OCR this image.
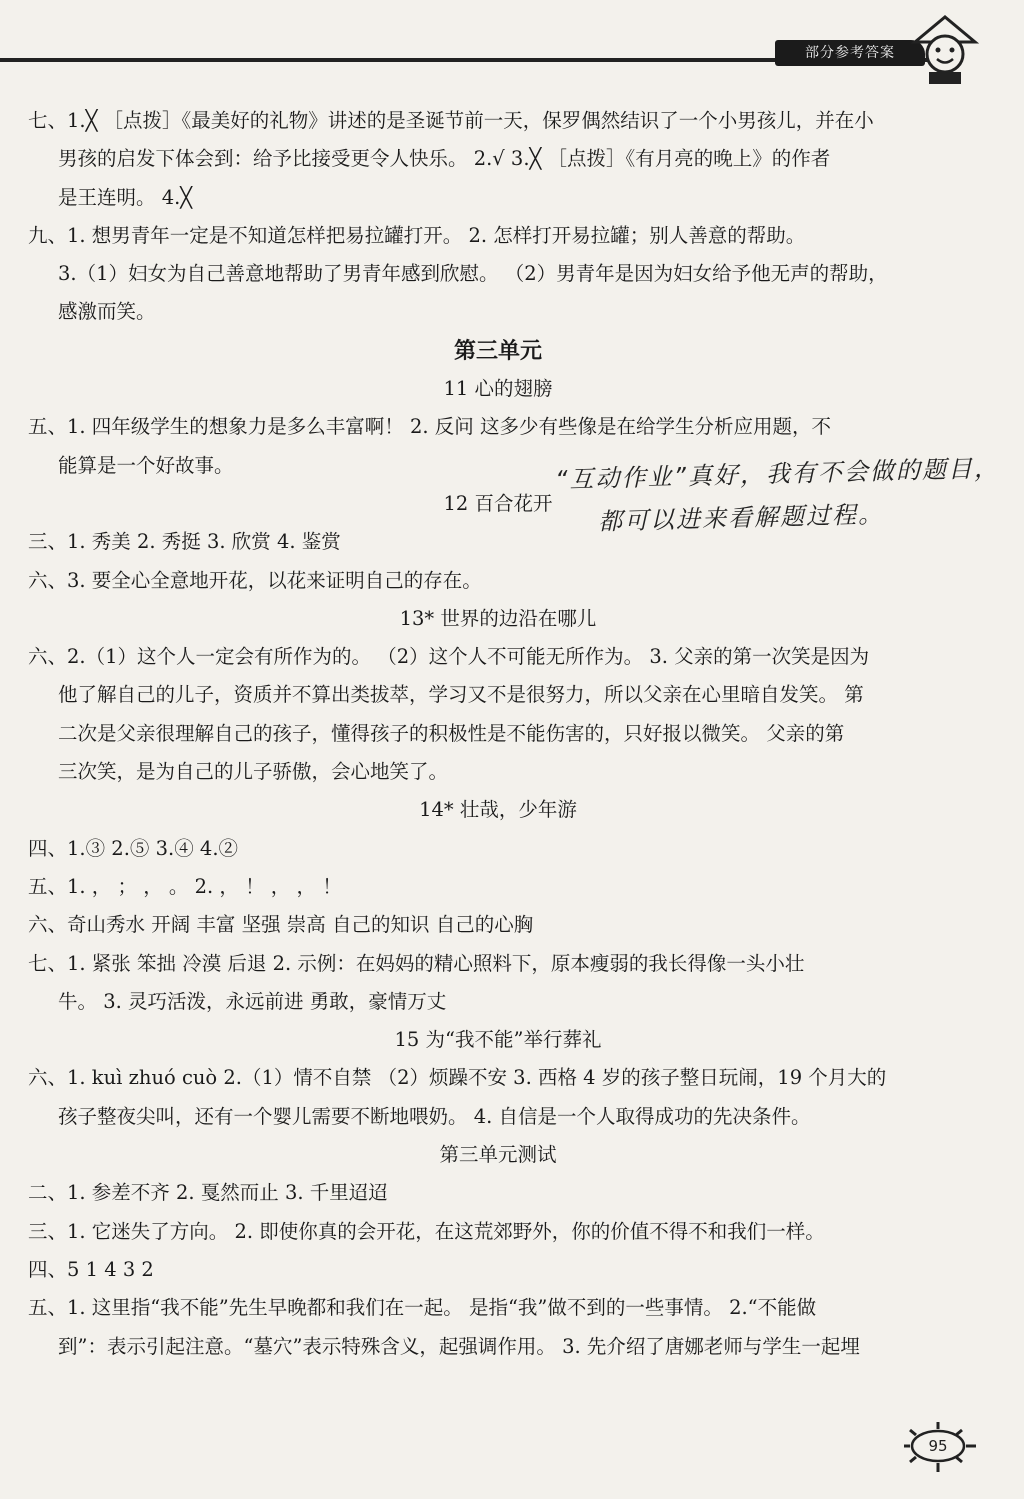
部分参考答案
七、1.╳ ［点拨］《最美好的礼物》讲述的是圣诞节前一天，保罗偶然结识了一个小男孩儿，并在小
男孩的启发下体会到：给予比接受更令人快乐。 2.√ 3.╳ ［点拨］《有月亮的晚上》的作者
是王连明。 4.╳
九、1. 想男青年一定是不知道怎样把易拉罐打开。 2. 怎样打开易拉罐；别人善意的帮助。
3.（1）妇女为自己善意地帮助了男青年感到欣慰。 （2）男青年是因为妇女给予他无声的帮助，
感激而笑。
第三单元
11 心的翅膀
五、1. 四年级学生的想象力是多么丰富啊！ 2. 反问 这多少有些像是在给学生分析应用题，不
能算是一个好故事。
12 百合花开
三、1. 秀美 2. 秀挺 3. 欣赏 4. 鉴赏
六、3. 要全心全意地开花，以花来证明自己的存在。
13* 世界的边沿在哪儿
六、2.（1）这个人一定会有所作为的。 （2）这个人不可能无所作为。 3. 父亲的第一次笑是因为
他了解自己的儿子，资质并不算出类拔萃，学习又不是很努力，所以父亲在心里暗自发笑。 第
二次是父亲很理解自己的孩子，懂得孩子的积极性是不能伤害的，只好报以微笑。 父亲的第
三次笑，是为自己的儿子骄傲，会心地笑了。
14* 壮哉，少年游
四、1.③ 2.⑤ 3.④ 4.②
五、1. ， ； ， 。 2. ， ！ ， ， ！
六、奇山秀水 开阔 丰富 坚强 崇高 自己的知识 自己的心胸
七、1. 紧张 笨拙 冷漠 后退 2. 示例：在妈妈的精心照料下，原本瘦弱的我长得像一头小壮
牛。 3. 灵巧活泼，永远前进 勇敢，豪情万丈
15 为“我不能”举行葬礼
六、1. kuì zhuó cuò 2.（1）情不自禁 （2）烦躁不安 3. 西格 4 岁的孩子整日玩闹，19 个月大的
孩子整夜尖叫，还有一个婴儿需要不断地喂奶。 4. 自信是一个人取得成功的先决条件。
第三单元测试
二、1. 参差不齐 2. 戛然而止 3. 千里迢迢
三、1. 它迷失了方向。 2. 即使你真的会开花，在这荒郊野外，你的价值不得不和我们一样。
四、5 1 4 3 2
五、1. 这里指“我不能”先生早晚都和我们在一起。 是指“我”做不到的一些事情。 2.“不能做
到”：表示引起注意。“墓穴”表示特殊含义，起强调作用。 3. 先介绍了唐娜老师与学生一起埋
“互动作业”真好，我有不会做的题目，
都可以进来看解题过程。
95
